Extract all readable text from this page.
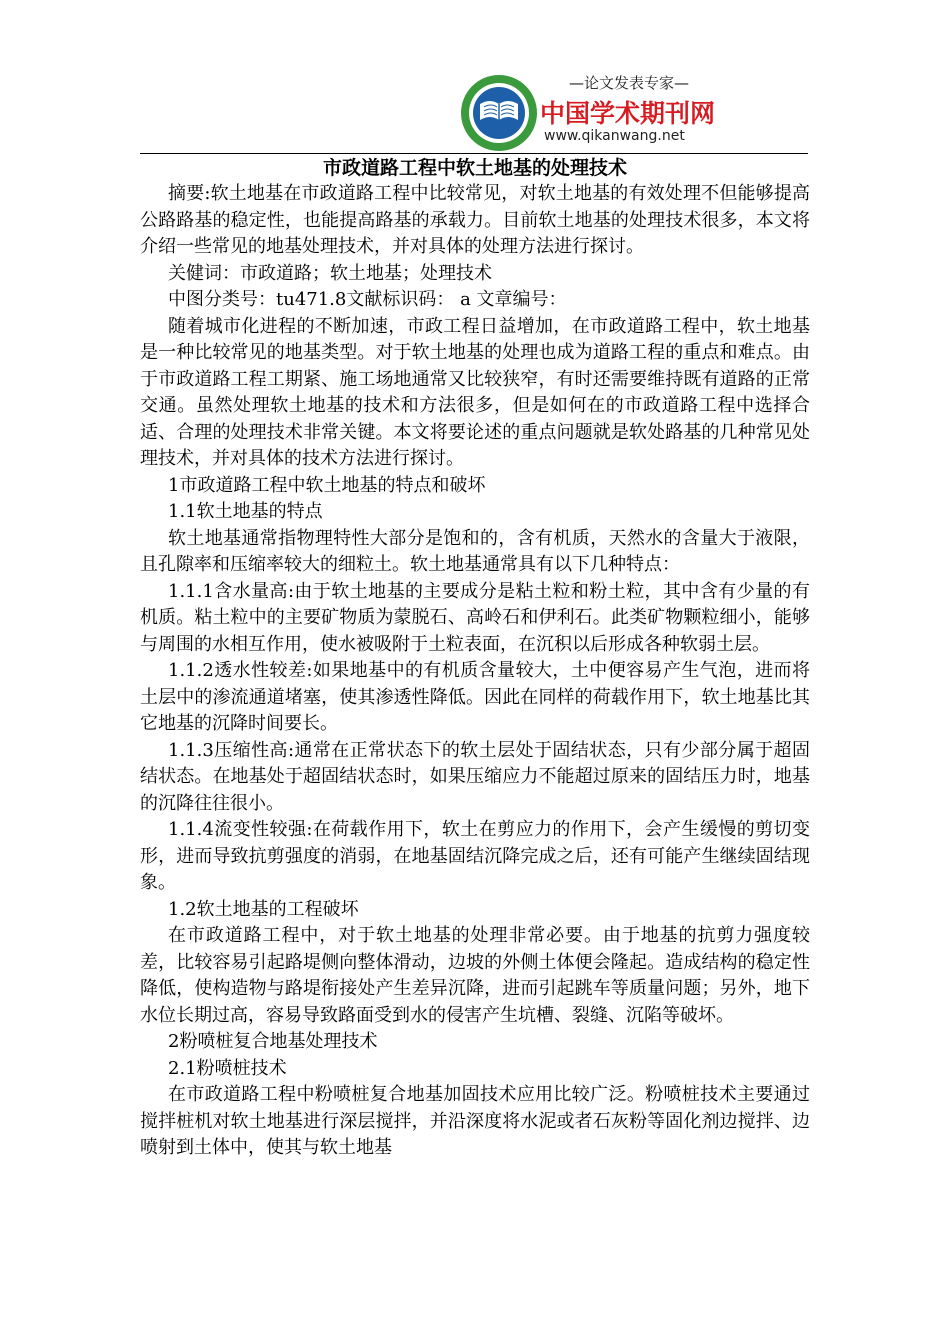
—论文发表专家—
中国学术期刊网
www.qikanwang.net
市政道路工程中软土地基的处理技术

摘要:软土地基在市政道路工程中比较常见，对软土地基的有效处理不但能够提高公路路基的稳定性，也能提高路基的承载力。目前软土地基的处理技术很多，本文将介绍一些常见的地基处理技术，并对具体的处理方法进行探讨。

关健词：市政道路；软土地基；处理技术

中图分类号：tu471.8文献标识码： a 文章编号：

随着城市化进程的不断加速，市政工程日益增加，在市政道路工程中，软土地基是一种比较常见的地基类型。对于软土地基的处理也成为道路工程的重点和难点。由于市政道路工程工期紧、施工场地通常又比较狭窄，有时还需要维持既有道路的正常交通。虽然处理软土地基的技术和方法很多，但是如何在的市政道路工程中选择合适、合理的处理技术非常关键。本文将要论述的重点问题就是软处路基的几种常见处理技术，并对具体的技术方法进行探讨。

1市政道路工程中软土地基的特点和破坏

1.1软土地基的特点

软土地基通常指物理特性大部分是饱和的，含有机质，天然水的含量大于液限，且孔隙率和压缩率较大的细粒土。软土地基通常具有以下几种特点：

1.1.1含水量高:由于软土地基的主要成分是粘土粒和粉土粒，其中含有少量的有机质。粘土粒中的主要矿物质为蒙脱石、高岭石和伊利石。此类矿物颗粒细小，能够与周围的水相互作用，使水被吸附于土粒表面，在沉积以后形成各种软弱土层。

1.1.2透水性较差:如果地基中的有机质含量较大，土中便容易产生气泡，进而将土层中的渗流通道堵塞，使其渗透性降低。因此在同样的荷载作用下，软土地基比其它地基的沉降时间要长。

1.1.3压缩性高:通常在正常状态下的软土层处于固结状态，只有少部分属于超固结状态。在地基处于超固结状态时，如果压缩应力不能超过原来的固结压力时，地基的沉降往往很小。

1.1.4流变性较强:在荷载作用下，软土在剪应力的作用下，会产生缓慢的剪切变形，进而导致抗剪强度的消弱，在地基固结沉降完成之后，还有可能产生继续固结现象。

1.2软土地基的工程破坏

在市政道路工程中，对于软土地基的处理非常必要。由于地基的抗剪力强度较差，比较容易引起路堤侧向整体滑动，边坡的外侧土体便会隆起。造成结构的稳定性降低，使构造物与路堤衔接处产生差异沉降，进而引起跳车等质量问题；另外，地下水位长期过高，容易导致路面受到水的侵害产生坑槽、裂缝、沉陷等破坏。

2粉喷桩复合地基处理技术

2.1粉喷桩技术

在市政道路工程中粉喷桩复合地基加固技术应用比较广泛。粉喷桩技术主要通过搅拌桩机对软土地基进行深层搅拌，并沿深度将水泥或者石灰粉等固化剂边搅拌、边喷射到土体中，使其与软土地基
